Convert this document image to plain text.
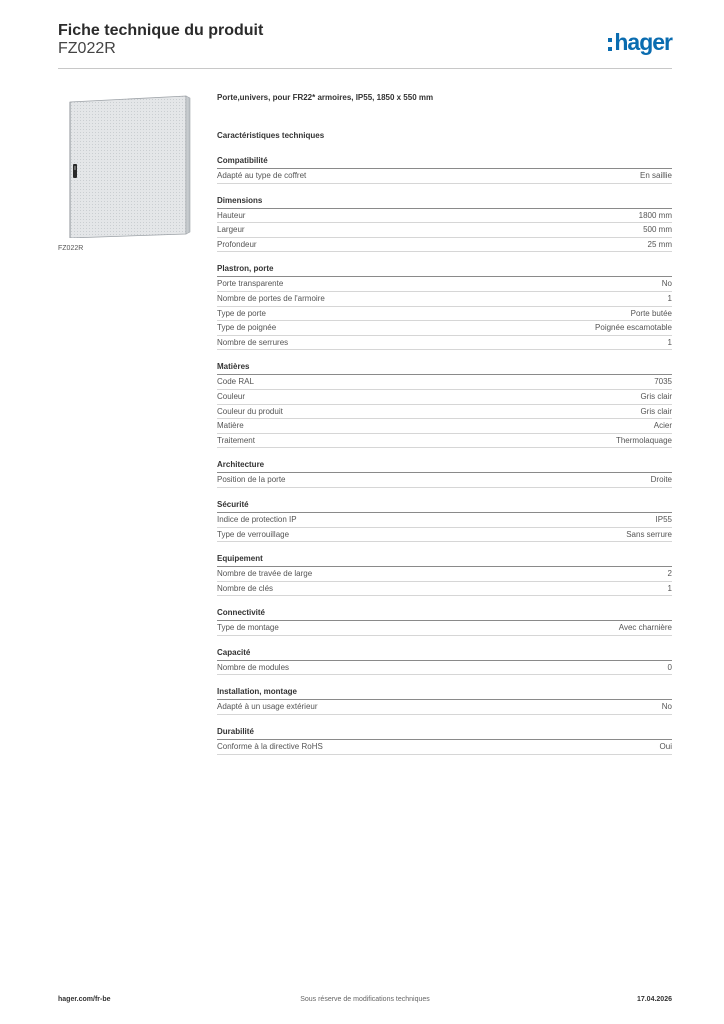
Fiche technique du produit
FZ022R	hager
FZ022R
Porte,univers, pour FR22* armoires, IP55, 1850 x 550 mm
Caractéristiques techniques
Compatibilité
Adapté au type de coffret	En saillie
Dimensions
Hauteur	1800 mm
Largeur	500 mm
Profondeur	25 mm
Plastron, porte
Porte transparente	No
Nombre de portes de l'armoire	1
Type de porte	Porte butée
Type de poignée	Poignée escamotable
Nombre de serrures	1
Matières
Code RAL	7035
Couleur	Gris clair
Couleur du produit	Gris clair
Matière	Acier
Traitement	Thermolaquage
Architecture
Position de la porte	Droite
Sécurité
Indice de protection IP	IP55
Type de verrouillage	Sans serrure
Equipement
Nombre de travée de large	2
Nombre de clés	1
Connectivité
Type de montage	Avec charnière
Capacité
Nombre de modules	0
Installation, montage
Adapté à un usage extérieur	No
Durabilité
Conforme à la directive RoHS	Oui
hager.com/fr-be	Sous réserve de modifications techniques	17.04.2026
